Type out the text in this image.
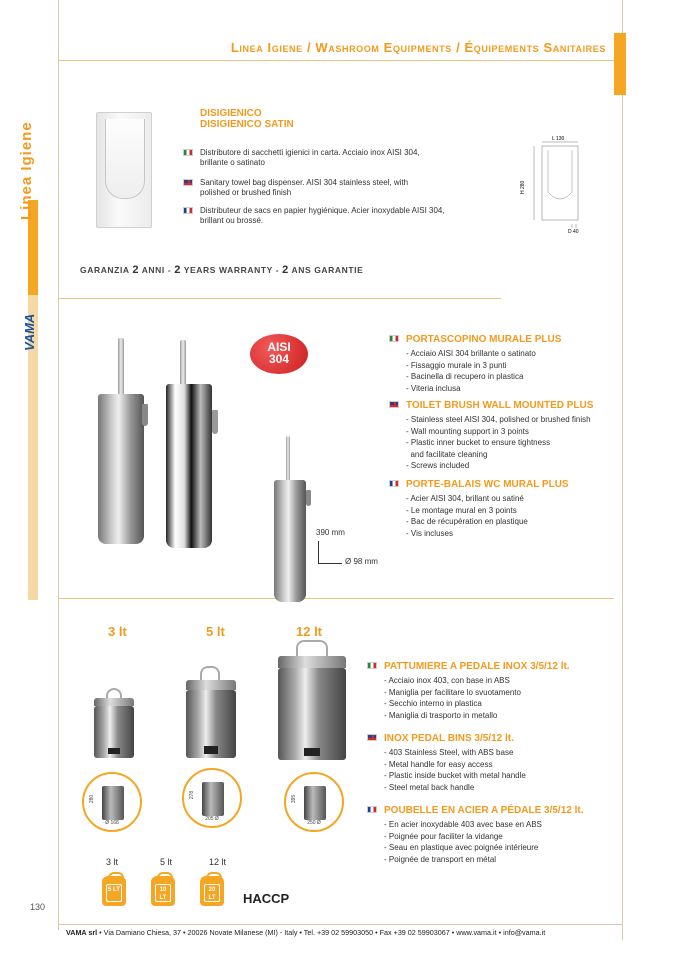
Linea Igiene
VAMA
Linea Igiene / Washroom Equipments / Équipements Sanitaires
DISIGIENICO
DISIGIENICO SATIN
Distributore di sacchetti igienici in carta. Acciaio inox AISI 304, brillante o satinato
Sanitary towel bag dispenser. AISI 304 stainless steel, with polished or brushed finish
Distributeur de sacs en papier hygiénique. Acier inoxydable AISI 304, brillant ou brossé.
L 130
H 280
D 40
GARANZIA 2 ANNI - 2 YEARS WARRANTY - 2 ANS GARANTIE
AISI
304
390 mm
Ø 98 mm
PORTASCOPINO MURALE PLUS
- Acciaio AISI 304 brillante o satinato
- Fissaggio murale in 3 punti
- Bacinella di recupero in plastica
- Viteria inclusa
TOILET BRUSH WALL MOUNTED PLUS
- Stainless steel AISI 304, polished or brushed finish
- Wall mounting support in 3 points
- Plastic inner bucket to ensure tightness
and facilitate cleaning
- Screws included
PORTE-BALAIS WC MURAL PLUS
- Acier AISI 304, brillant ou satiné
- Le montage mural en 3 points
- Bac de récupération en plastique
- Vis incluses
3 lt	5 lt	12 lt
280
Ø 168
278
205 Ø
395
250 Ø
3 lt	5 lt	12 lt
5 LT	10 LT
20 LT	HACCP
PATTUMIERE A PEDALE INOX 3/5/12 lt.
- Acciaio inox 403, con base in ABS
- Maniglia per facilitare lo svuotamento
- Secchio interno in plastica
- Maniglia di trasporto in metallo
INOX PEDAL BINS 3/5/12 lt.
- 403 Stainless Steel, with ABS base
- Metal handle for easy access
- Plastic inside bucket with metal handle
- Steel metal back handle
POUBELLE EN ACIER A PÉDALE 3/5/12 lt.
- En acier inoxydable 403 avec base en ABS
- Poignée pour faciliter la vidange
- Seau en plastique avec poignée intérieure
- Poignée de transport en métal
130
VAMA srl • Via Damiano Chiesa, 37 • 20026 Novate Milanese (MI) - Italy • Tel. +39 02 59903050 • Fax +39 02 59903067 • www.vama.it • info@vama.it
